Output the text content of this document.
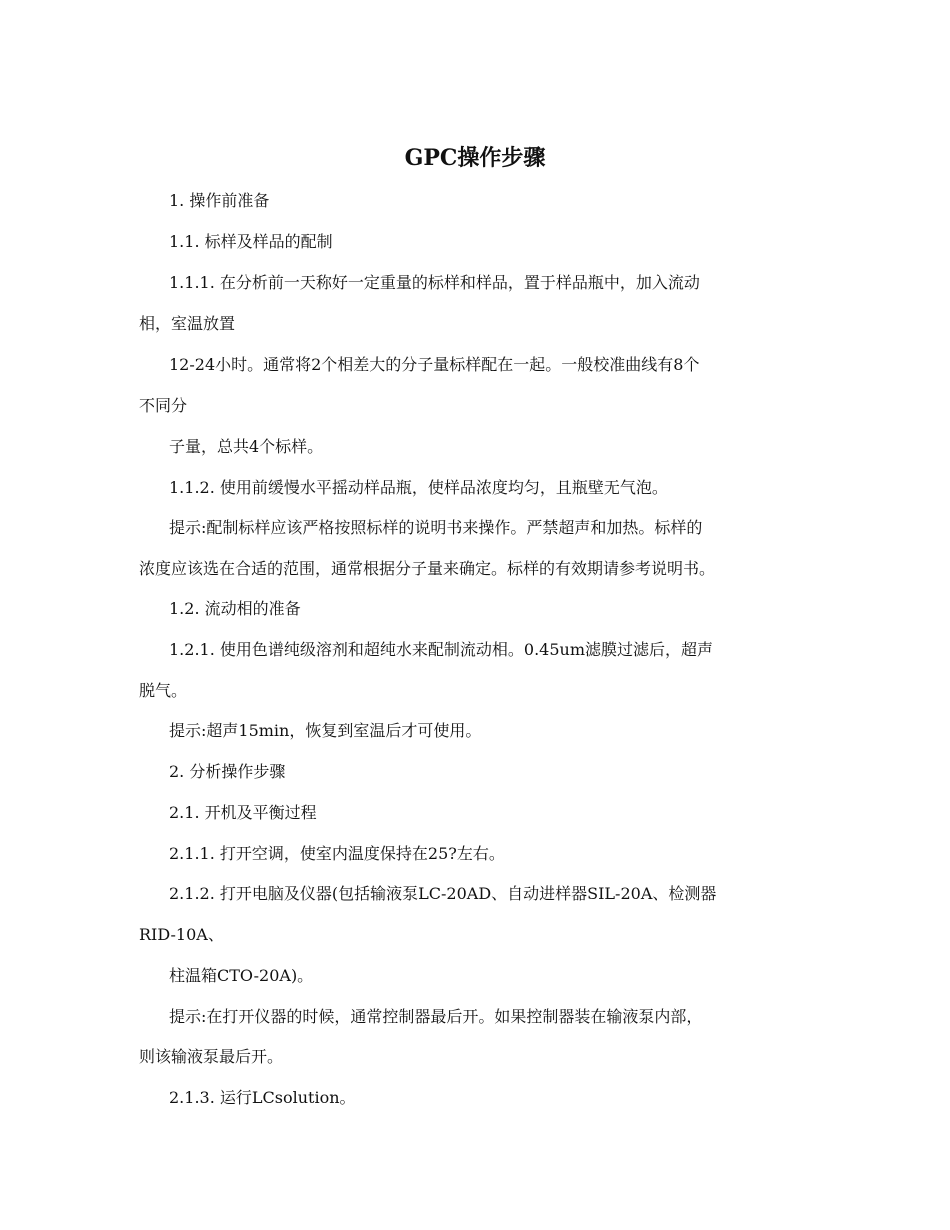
GPC操作步骤
1. 操作前准备
1.1. 标样及样品的配制
1.1.1. 在分析前一天称好一定重量的标样和样品，置于样品瓶中，加入流动
相，室温放置
12-24小时。通常将2个相差大的分子量标样配在一起。一般校准曲线有8个
不同分
子量，总共4个标样。
1.1.2. 使用前缓慢水平摇动样品瓶，使样品浓度均匀，且瓶壁无气泡。
提示:配制标样应该严格按照标样的说明书来操作。严禁超声和加热。标样的
浓度应该选在合适的范围，通常根据分子量来确定。标样的有效期请参考说明书。
1.2. 流动相的准备
1.2.1. 使用色谱纯级溶剂和超纯水来配制流动相。0.45um滤膜过滤后，超声
脱气。
提示:超声15min，恢复到室温后才可使用。
2. 分析操作步骤
2.1. 开机及平衡过程
2.1.1. 打开空调，使室内温度保持在25?左右。
2.1.2. 打开电脑及仪器(包括输液泵LC-20AD、自动进样器SIL-20A、检测器
RID-10A、
柱温箱CTO-20A)。
提示:在打开仪器的时候，通常控制器最后开。如果控制器装在输液泵内部，
则该输液泵最后开。
2.1.3. 运行LCsolution。
